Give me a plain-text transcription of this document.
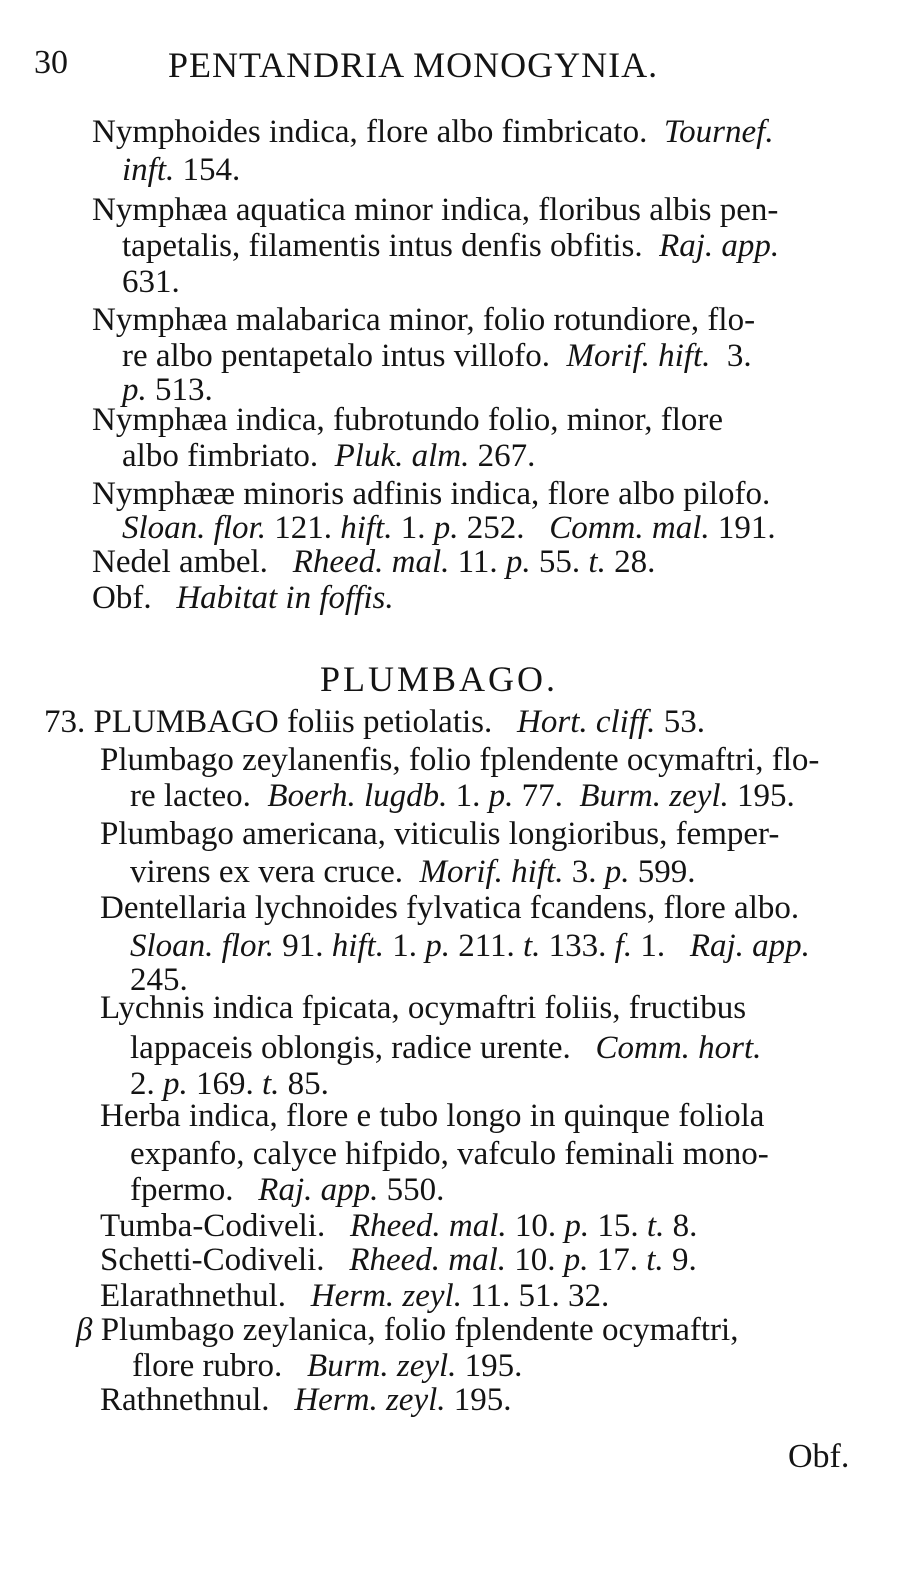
30	PENTANDRIA MONOGYNIA.
Nymphoides indica, flore albo fimbricato.  Tournef.
inft. 154.
Nymphæa aquatica minor indica, floribus albis pen-
tapetalis, filamentis intus denfis obfitis.  Raj. app.
631.
Nymphæa malabarica minor, folio rotundiore, flo-
re albo pentapetalo intus villofo.  Morif. hift.  3.
p. 513.
Nymphæa indica, fubrotundo folio, minor, flore
albo fimbriato.  Pluk. alm. 267.
Nymphææ minoris adfinis indica, flore albo pilofo.
Sloan. flor. 121. hift. 1. p. 252.   Comm. mal. 191.
Nedel ambel.   Rheed. mal. 11. p. 55. t. 28.
Obf.   Habitat in foffis.
PLUMBAGO.
73. PLUMBAGO foliis petiolatis.   Hort. cliff. 53.
Plumbago zeylanenfis, folio fplendente ocymaftri, flo-
re lacteo.  Boerh. lugdb. 1. p. 77.  Burm. zeyl. 195.
Plumbago americana, viticulis longioribus, femper-
virens ex vera cruce.  Morif. hift. 3. p. 599.
Dentellaria lychnoides fylvatica fcandens, flore albo.
Sloan. flor. 91. hift. 1. p. 211. t. 133. f. 1.   Raj. app.
245.
Lychnis indica fpicata, ocymaftri foliis, fructibus
lappaceis oblongis, radice urente.   Comm. hort.
2. p. 169. t. 85.
Herba indica, flore e tubo longo in quinque foliola
expanfo, calyce hifpido, vafculo feminali mono-
fpermo.   Raj. app. 550.
Tumba-Codiveli.   Rheed. mal. 10. p. 15. t. 8.
Schetti-Codiveli.   Rheed. mal. 10. p. 17. t. 9.
Elarathnethul.   Herm. zeyl. 11. 51. 32.
β Plumbago zeylanica, folio fplendente ocymaftri,
flore rubro.   Burm. zeyl. 195.
Rathnethnul.   Herm. zeyl. 195.
Obf.
